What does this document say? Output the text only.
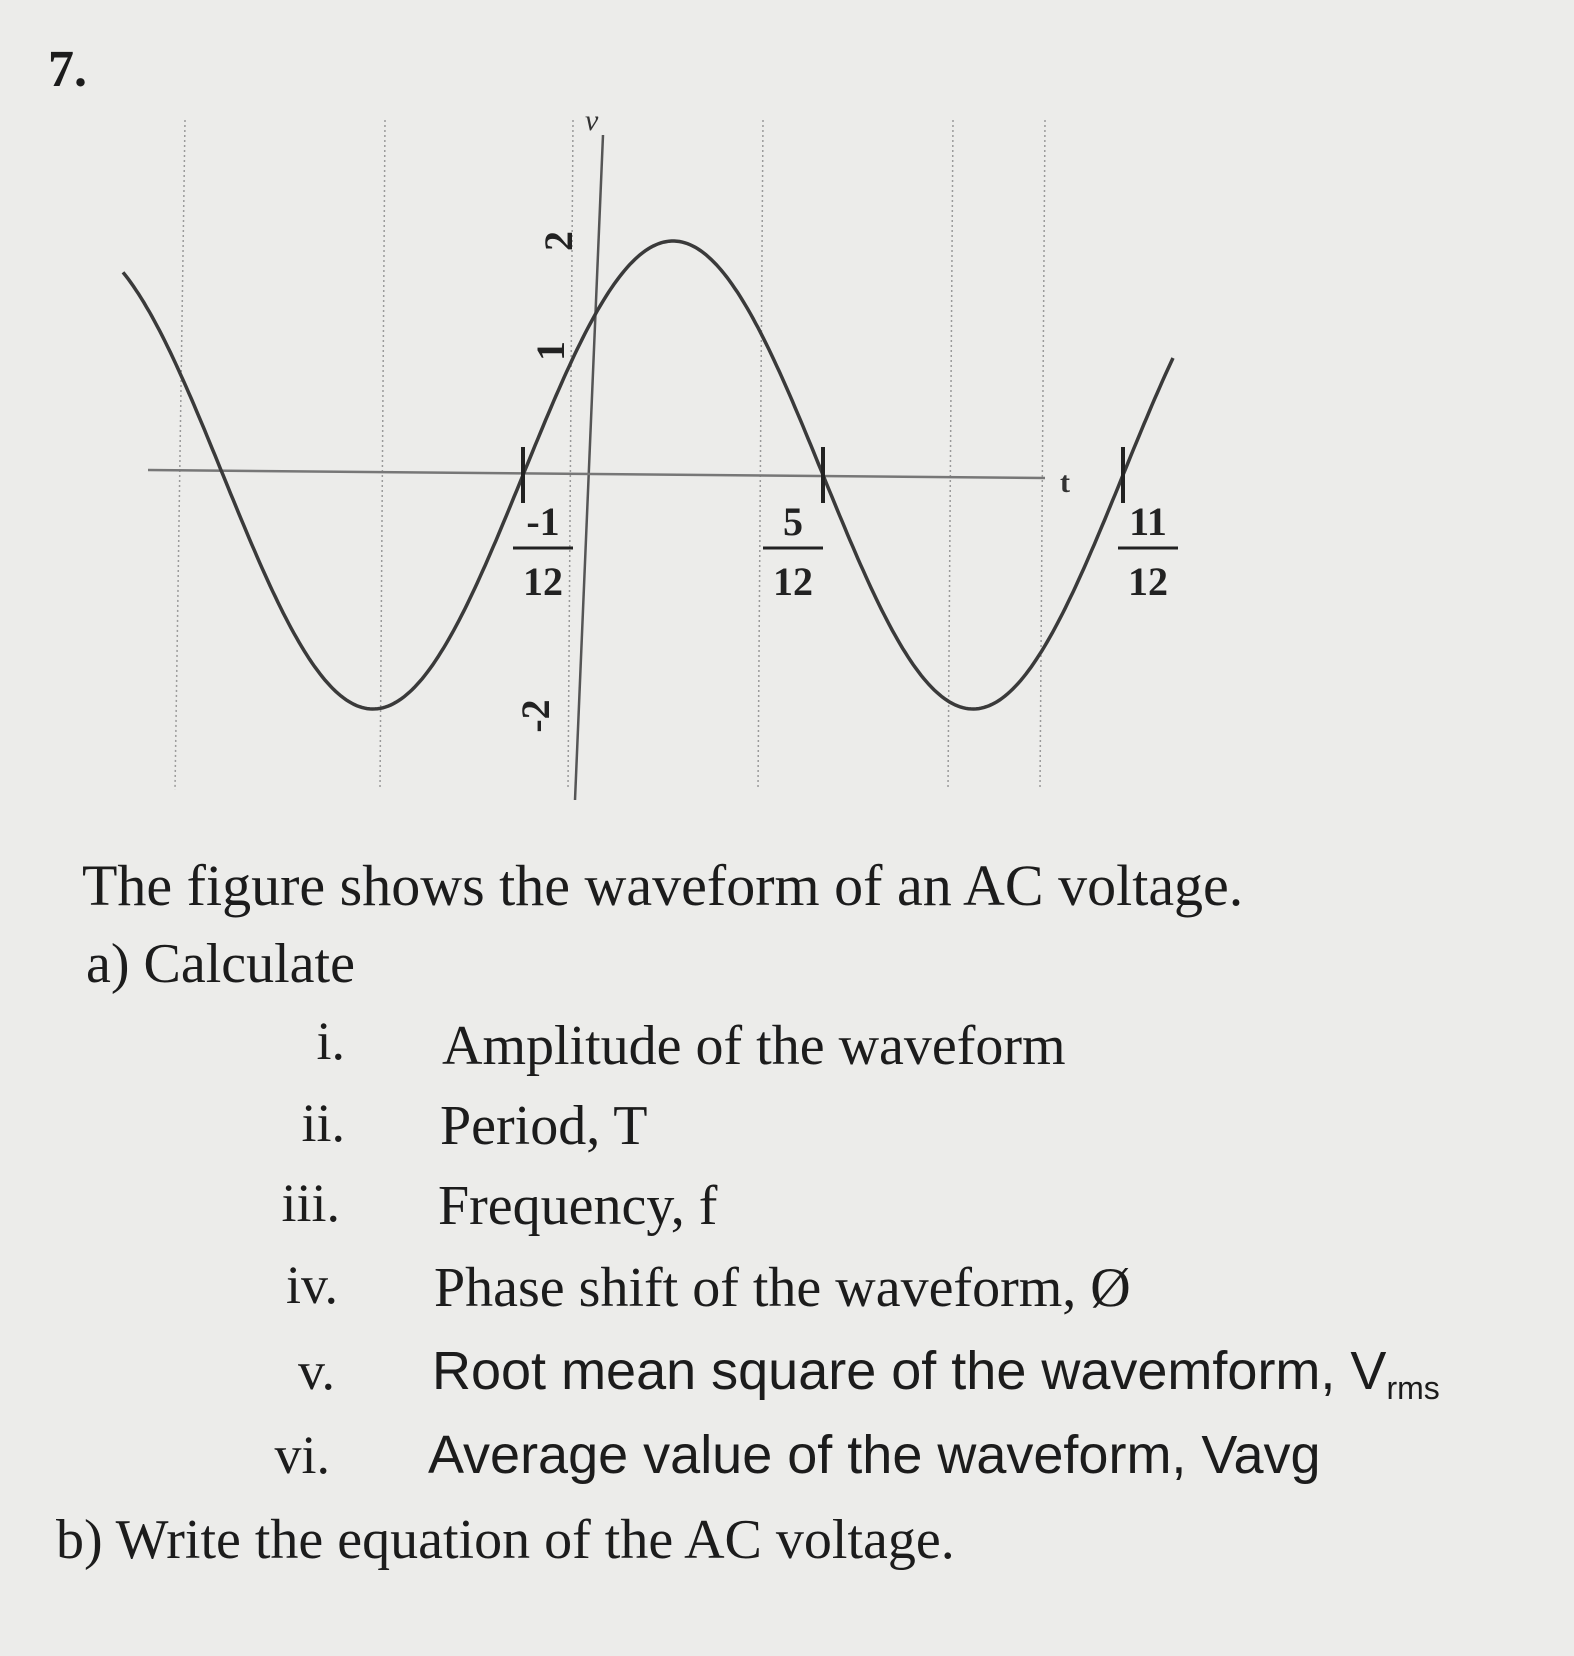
7.
v
t
2
1
-2
-1
12
5
12
11
12
The figure shows the waveform of an AC voltage.
a) Calculate
i. Amplitude of the waveform
ii. Period, T
iii. Frequency, f
iv. Phase shift of the waveform, Ø
v. Root mean square of the wavemform, $V_{rms}$
vi. Average value of the waveform, Vavg
b) Write the equation of the AC voltage.
